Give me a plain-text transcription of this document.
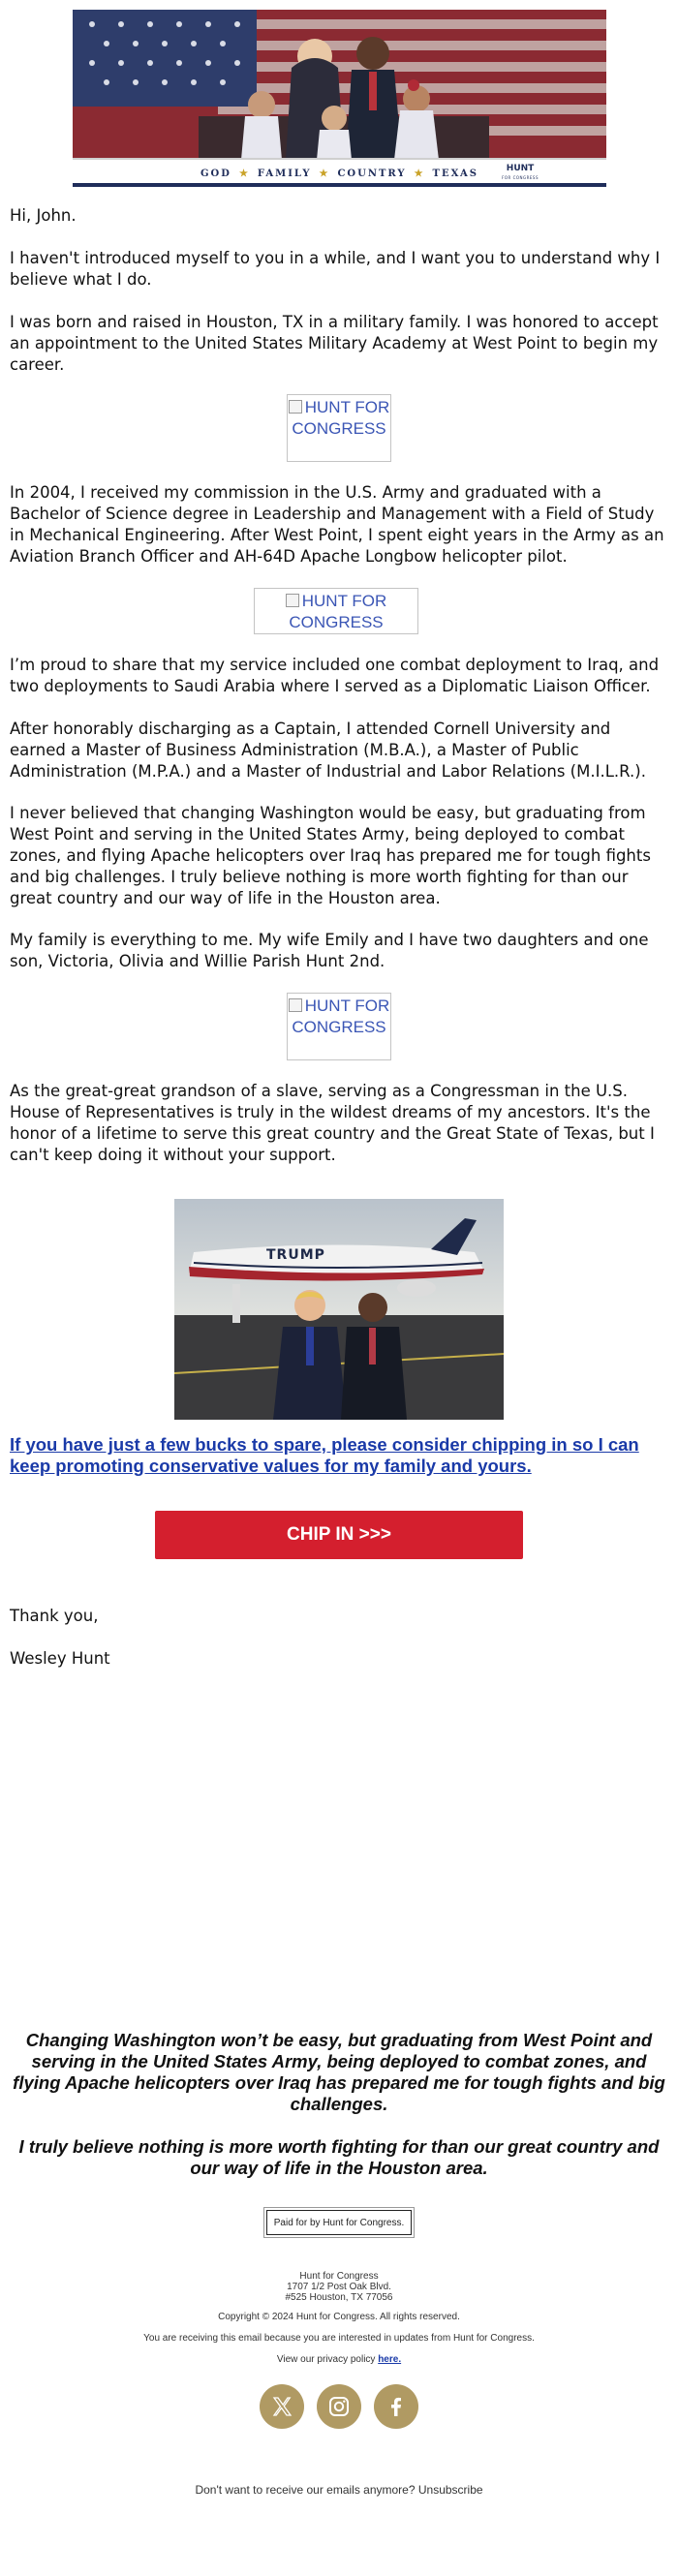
GOD ★ FAMILY ★ COUNTRY ★ TEXAS	HUNT
FOR CONGRESS

Hi, John.

I haven't introduced myself to you in a while, and I want you to understand why I believe what I do.

I was born and raised in Houston, TX in a military family. I was honored to accept an appointment to the United States Military Academy at West Point to begin my career.

HUNT FOR CONGRESS

In 2004, I received my commission in the U.S. Army and graduated with a Bachelor of Science degree in Leadership and Management with a Field of Study in Mechanical Engineering. After West Point, I spent eight years in the Army as an Aviation Branch Officer and AH-64D Apache Longbow helicopter pilot.

HUNT FOR CONGRESS

I’m proud to share that my service included one combat deployment to Iraq, and two deployments to Saudi Arabia where I served as a Diplomatic Liaison Officer.

After honorably discharging as a Captain, I attended Cornell University and earned a Master of Business Administration (M.B.A.), a Master of Public Administration (M.P.A.) and a Master of Industrial and Labor Relations (M.I.L.R.).

I never believed that changing Washington would be easy, but graduating from West Point and serving in the United States Army, being deployed to combat zones, and flying Apache helicopters over Iraq has prepared me for tough fights and big challenges. I truly believe nothing is more worth fighting for than our great country and our way of life in the Houston area.

My family is everything to me. My wife Emily and I have two daughters and one son, Victoria, Olivia and Willie Parish Hunt 2nd.

HUNT FOR CONGRESS

As the great-great grandson of a slave, serving as a Congressman in the U.S. House of Representatives is truly in the wildest dreams of my ancestors. It's the honor of a lifetime to serve this great country and the Great State of Texas, but I can't keep doing it without your support.

TRUMP
If you have just a few bucks to spare, please consider chipping in so I can keep promoting conservative values for my family and yours.
CHIP IN >>>

Thank you,

Wesley Hunt

Changing Washington won’t be easy, but graduating from West Point and serving in the United States Army, being deployed to combat zones, and flying Apache helicopters over Iraq has prepared me for tough fights and big challenges.

I truly believe nothing is more worth fighting for than our great country and our way of life in the Houston area.

Paid for by Hunt for Congress.

Hunt for Congress

1707 1/2 Post Oak Blvd.

#525 Houston, TX 77056

Copyright © 2024 Hunt for Congress. All rights reserved.

You are receiving this email because you are interested in updates from Hunt for Congress.

View our privacy policy here.

Don't want to receive our emails anymore? Unsubscribe
